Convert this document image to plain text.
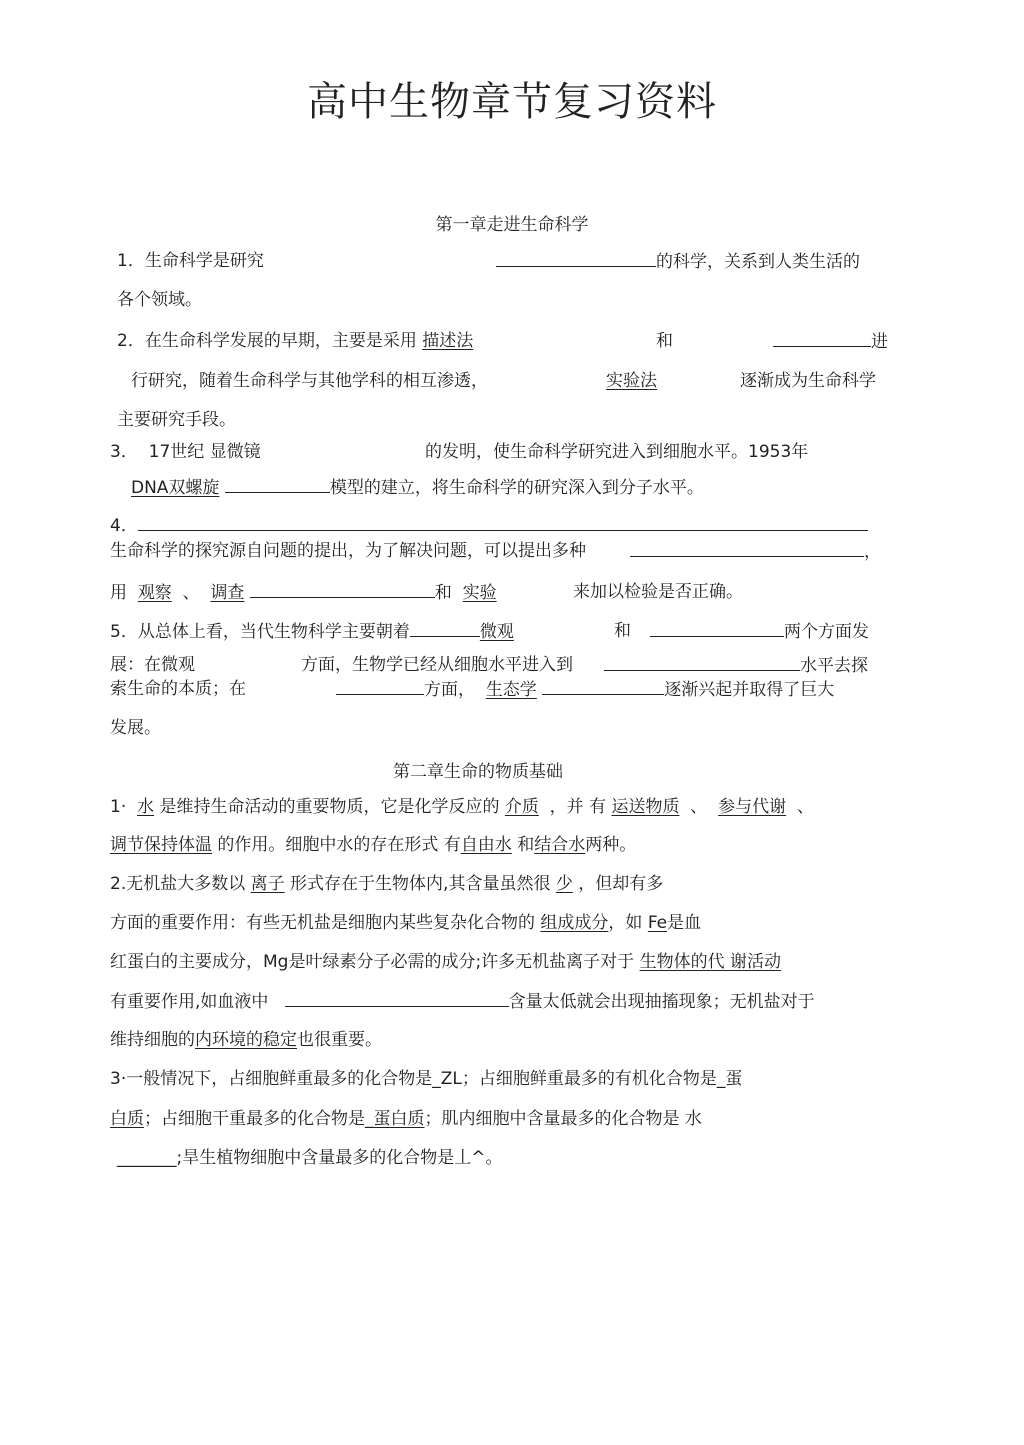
高中生物章节复习资料
第一章走进生命科学
1．生命科学是研究	的科学，关系到人类生活的
各个领域。
2．在生命科学发展的早期，主要是采用 描述法	和	进
行研究，随着生命科学与其他学科的相互渗透，	实验法	逐渐成为生命科学
主要研究手段。
3． 17世纪 显微镜	的发明，使生命科学研究进入到细胞水平。1953年
DNA双螺旋	模型的建立，将生命科学的研究深入到分子水平。
4．
生命科学的探究源自问题的提出，为了解决问题，可以提出多种	，
用 观察 、 调查	和 实验	来加以检验是否正确。
5．从总体上看，当代生物科学主要朝着	微观	和	两个方面发
展：在微观	方面，生物学已经从细胞水平进入到	水平去探
索生命的本质；在	方面， 生态学	逐渐兴起并取得了巨大
发展。
第二章生命的物质基础
1· 水 是维持生命活动的重要物质，它是化学反应的 介质 ，并 有 运送物质 、 参与代谢 、
调节保持体温 的作用。细胞中水的存在形式 有自由水 和结合水两种。
2.无机盐大多数以 离子 形式存在于生物体内,其含量虽然很 少 ，但却有多
方面的重要作用：有些无机盐是细胞内某些复杂化合物的 组成成分，如 Fe是血
红蛋白的主要成分，Mg是叶绿素分子必需的成分;许多无机盐离子对于 生物体的代 谢活动
有重要作用,如血液中	含量太低就会出现抽搐现象；无机盐对于
维持细胞的内环境的稳定也很重要。
3·一般情况下，占细胞鲜重最多的化合物是_ZL；占细胞鲜重最多的有机化合物是_蛋
白质；占细胞干重最多的化合物是_蛋白质；肌内细胞中含量最多的化合物是 水
_______;旱生植物细胞中含量最多的化合物是丄^。
